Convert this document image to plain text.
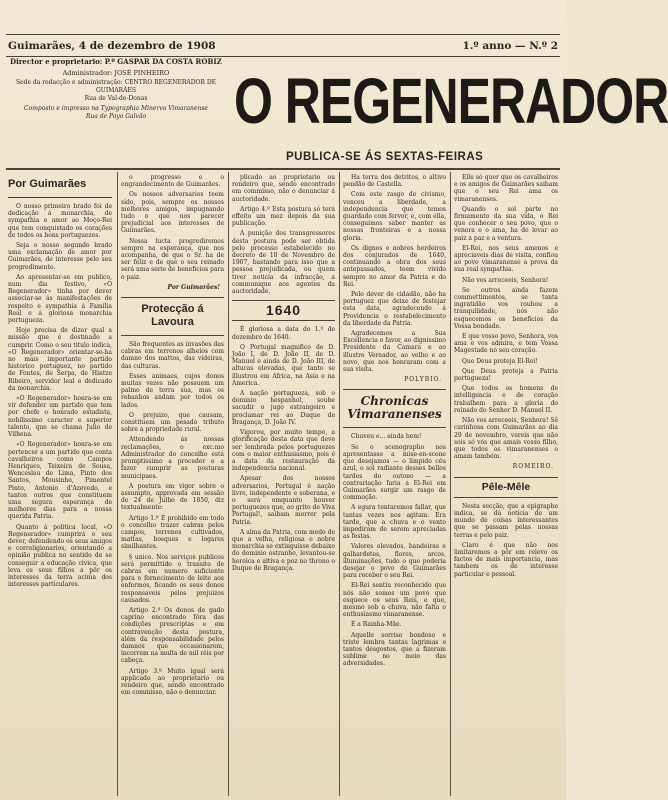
Guimarães, 4 de dezembro de 1908	1.º anno — N.º 2
Director e proprietario: P.º GASPAR DA COSTA ROBIZ
Administrador: JOSÉ PINHEIRO
Sede da redacção e administração: CENTRO REGENERADOR DE GUIMARÃES
Rua de Val-de-Donas
Composto e impresso na Typographia Minerva Vimaranense
Rua de Payo Galvão	O REGENERADOR
PUBLICA-SE ÁS SEXTAS-FEIRAS
Por Guimarães

O nosso primeiro brado foi de dedicação á monarchia, de sympathia e amor ao Moço-Rei que tem conquistado os corações de todos os bons portuguezes.

Seja o nosso segundo brado uma exclamação de amor por Guimarães, de interesse pelo seu progredimento.

Ao apresentar-se em publico, num dia festivo, «O Regenerador» tinha por dever associar-se ás manifestações de respeito e sympathia á Familia Real e á gloriosa monarchia portugueza.

Hoje precisa de dizer qual a missão que é destinado a cumprir. Como o seu titulo indica, «O Regenerador» orientar-se-ha no mais importante partido historico portuguez, no partido de Fontes, de Serpa, de Hintze Ribeiro, servidor leal e dedicado da monarchia.

«O Regenerador» honra-se em vir defender um partido que tem por chefe o honrado estadista, nobilissimo caracter e superior talento, que se chama Julio de Vilhena.

«O Regenerador» honra-se em pertencer a um partido que conta cavalheiros como Campos Henriques, Teixeira de Sousa, Wenceslau de Lima, Pinto dos Santos, Mousinho, Pimentel Pinto, Antonio d'Azevedo, e tantos outros que constituem uma segura esperança de melhores dias para a nossa querida Patria.

Quanto á politica local, «O Regenerador» cumprirá o seu dever, defendendo os seus amigos e correligionarios, orientando a opinião publica no sentido de se conseguir a educação civica, que leva os seus filhos a pôr os interesses da terra acima dos interesses particulares.

o progresso e o engrandecimento de Guimarães.

Os nossos adversarios teem sido, pois, sempre os nossos melhores amigos, impugnando tudo o que nos parecer prejudicial aos interesses de Guimarães.

Nessa lucta progrediremos sempre na esperança, que nos acompanha, de que o Sr. ha de ser feliz e de que o seu reinado será uma serie de beneficios para o paiz.

Por Guimarães!
Protecção á Lavoura

São frequentes as invasões das cabras em terrenos alheios com damno dos mattos, das videiras, das culturas.

Esses animaes, cujos donos muitas vezes não possuem um palmo de terra sua, mas os rebanhos andam por todos os lados.

O prejuizo, que causam, constituem um pesado tributo sobre a propriedade rural.

Attendendo ás nossas reclamações, o exc.mo Administrador do concelho está promptissimo a proceder e a fazer cumprir as posturas municipaes.

A postura em vigor sobre o assumpto, approvada em sessão de 24 de Julho de 1850, diz textualmente:

Artigo 1.º É prohibido em todo o concelho trazer cabras pelos campos, terrenos cultivados, mattas, bosques e logares similhantes.

§ unico. Nos serviços publicos será permittido o transito de cabras em numero suficiente para o fornecimento de leite aos enfermos, ficando os seus donos responsaveis pelos prejuizos causados.

Artigo 2.º Os donos de gado caprino encontrado fóra das condições prescriptas e em contravenção desta postura, além da responsabilidade pelos damnos que occasionarem, incorrem na multa de mil réis por cabeça.

Artigo 3.º Muito igual será applicado ao proprietario ou rendeiro que, sendo encontrado em commisso, não o denunciar.

plicado ao proprietario ou rendeiro que, sendo encontrado em commisso, não o denunciar á auctoridade.

Artigo 4.º Esta postura só terá effeito um mez depois da sua publicação.

A punição dos transgressores desta postura pode ser obtida pelo processo estabelecido no decreto de 18 de Novembro de 1907, bastando para isso que a pessoa prejudicada, ou quem tiver noticia da infracção, a communique aos agentes da auctoridade.

1640

É gloriosa a data do 1.º de dezembro de 1640.

O Portugal magnifico de D. João I, de D. João II, de D. Manuel e ainda de D. João III, de alturas elevadas, que tanto se illustrou em Africa, na Asia e na America.

A nação portugueza, sob o dominio hespanhol, soube sacudir o jugo estrangeiro e proclamar rei ao Duque de Bragança, D. João IV.

Vigorou, por muito tempo, a glorificação desta data que deve ser lembrada pelos portuguezes com o maior enthusiasmo, pois é a data da restauração da independencia nacional.

Apesar dos nossos adversarios, Portugal é nação livre, independente e soberana, e o será emquanto houver portuguezes que, ao grito de Viva Portugal!, saibam morrer pela Patria.

A alma da Patria, com medo de que a velha, religiosa e nobre monarchia se extinguisse debaixo do dominio estranho, levantou-se heroica e altiva e poz no throno o Duque de Bragança.

Ha terra dos detritos, o altivo pendão de Castella.

Com este rasgo de civismo, venceu a liberdade, a independencia que temos guardado com fervor, e, com ella, conseguimos saber manter as nossas fronteiras e a nossa gloria.

Os dignos e nobres herdeiros dos conjurados de 1640, continuando a obra dos seus antepassados, teem vivido sempre no amor da Patria e do Rei.

Pelo dever de cidadão, não ha portuguez que deixe de festejar esta data, agradecendo á Providencia o restabelecimento da liberdade da Patria.

Agradecemos a Sua Excellencia o favor, ao dignissimo Presidente da Camara e ao illustre Vereador, ao velho e ao novo, que nos honraram com a sua visita.

POLYBIO.
Chronicas Vimaranenses

Chuveu e... ainda bem!

Se o scenographo nos apresentasse a mise-en-scene que desejamos — o limpido céu azul, o sol radiante desses bellos tardes do outono — a contrariação faria a El-Rei em Guimarães surgir um rasgo de commoção.

A egura tentaremos fallar, que tantas vezes nos agitam. Era tarde, que a chuva e o vento impediram de serem apreciadas as festas.

Valores elevados, bandeiras e galhardetes, flores, arcos, illuminações, tudo o que poderia desejar o povo de Guimarães para receber o seu Rei.

El-Rei sentiu reconhecido que nós não somos um povo que esquece os seus Reis, e que, mesmo sob a chuva, não falta o enthusiasmo vimaranense.

É a Rainha-Mãe.

Aquelle sorriso bondoso e triste lembra tantas lagrimas e tantos desgostos, que a fizeram sublime no meio das adversidades.

Elle só quer que os cavalheiros e os amigos de Guimarães saibam que o seu Rei ama os vimaranenses.

Quando o sol parte no firmamento da sua vida, o Rei que conhecer o seu povo, que o venera e o ama, ha de levar ao paiz a paz e a ventura.

El-Rei, nos seus amenos e apreciaveis dias de visita, confiou ao povo vimaranense a prova da sua real sympathia.

Não vos arreceeis, Senhora!

Se outros ainda fazem commettimentos, se tanta ingratidão vos roubou a tranquilidade, nós não esquecemos os beneficios da Vossa bondade.

E que vosso povo, Senhora, vos ama e vos admira, e tem Vossa Magestade no seu coração.

Que Deus proteja El-Rei!

Que Deus proteja a Patria portugueza!

Que todos os homens de intelligencia e de coração trabalhem para a gloria do reinado do Senhor D. Manuel II.

Não vos arreceeis, Senhora! Sê carinhosa com Guimarães ao dia 29 de novembro, vereis que não sois só vós que amais vosso filho, que todos os vimaranenses o amam também.

ROMEIRO.
Pêle-Mêle

Nesta secção, que a epigraphe indica, se dá noticia de um mundo de coisas interessantes que se passam pelas nossas terras e pelo paiz.

Claro é que não nos limitaremos a pôr em relevo os factos de mais importancia, mas tambem os de interesse particular e pessoal.
